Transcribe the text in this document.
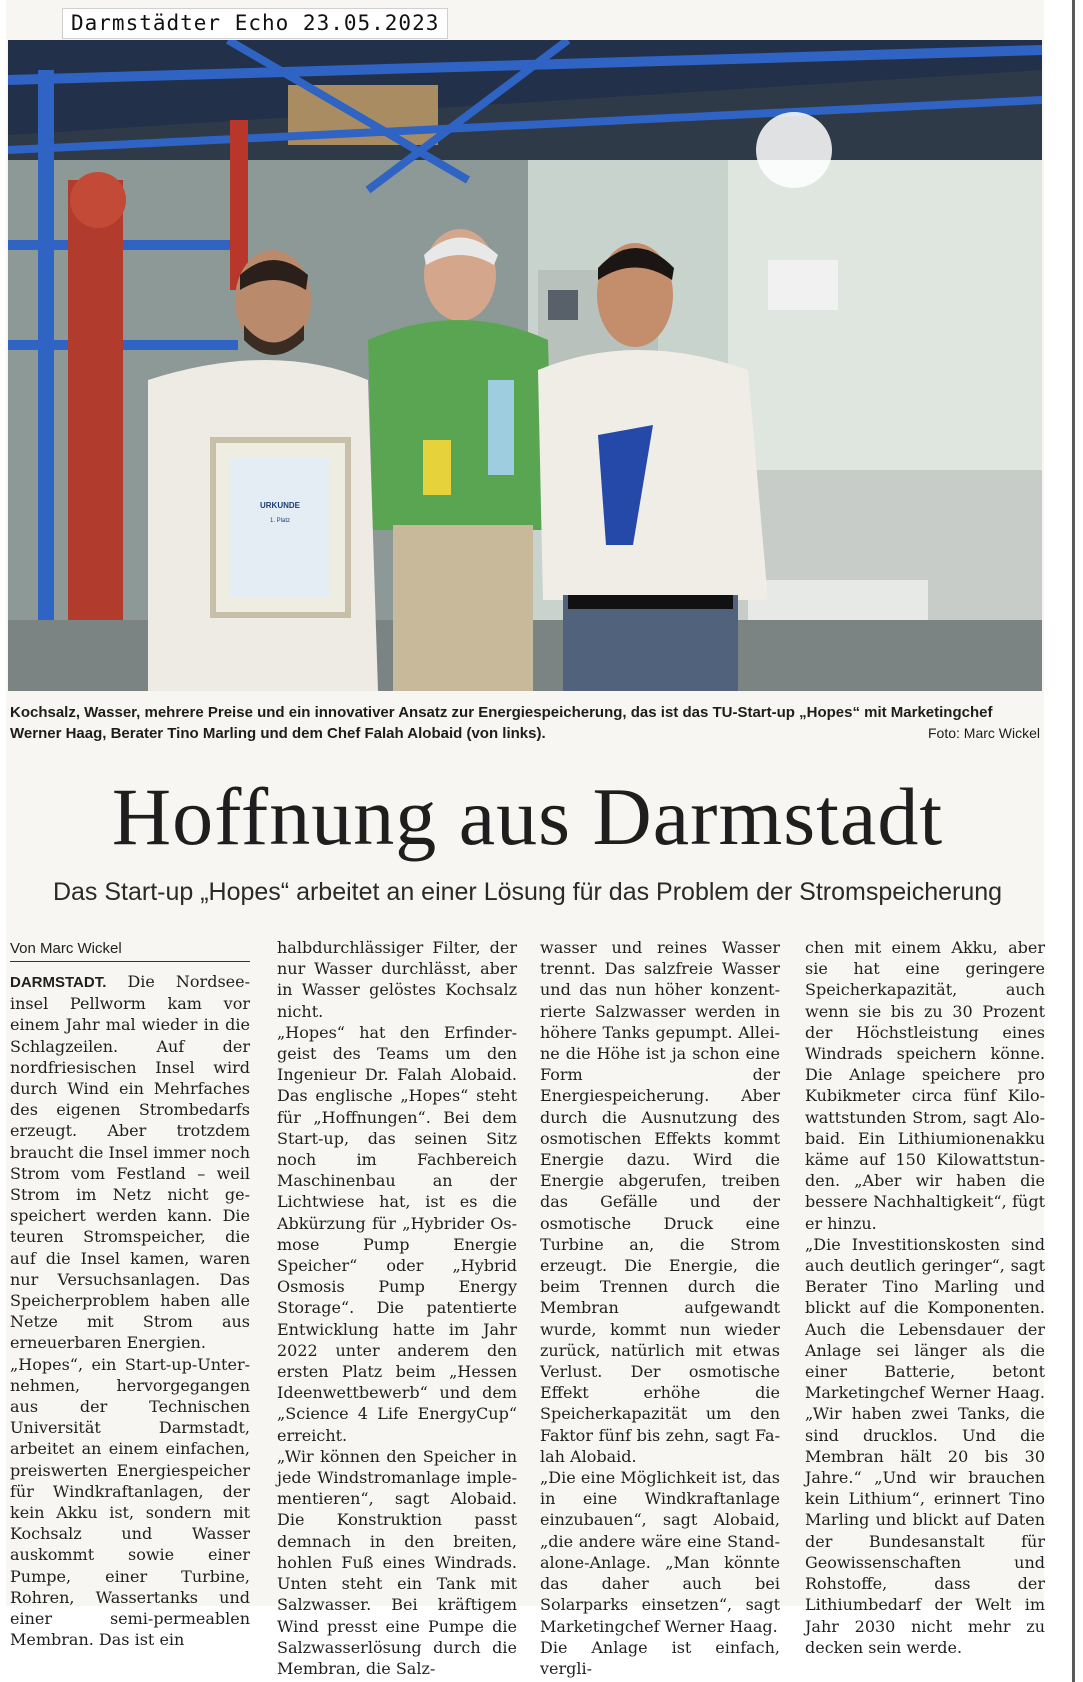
Darmstädter Echo 23.05.2023
URKUNDE
1. Platz
Kochsalz, Wasser, mehrere Preise und ein innovativer Ansatz zur Energiespeicherung, das ist das TU-Start-up „Hopes“ mit Marketingchef Werner Haag, Berater Tino Marling und dem Chef Falah Alobaid (von links).	Foto: Marc Wickel
Hoffnung aus Darmstadt
Das Start-up „Hopes“ arbeitet an einer Lösung für das Problem der Stromspeicherung
Von Marc Wickel

DARMSTADT. Die Nordseeinsel Pellworm kam vor einem Jahr mal wieder in die Schlagzeilen. Auf der nordfriesischen Insel wird durch Wind ein Mehrfaches des eigenen Strombedarfs erzeugt. Aber trotzdem braucht die Insel immer noch Strom vom Festland – weil Strom im Netz nicht gespeichert werden kann. Die teuren Stromspeicher, die auf die Insel kamen, waren nur Versuchsanlagen. Das Speicherproblem haben alle Netze mit Strom aus erneuerbaren Energien.

„Hopes“, ein Start-up-Unternehmen, hervorgegangen aus der Technischen Universität Darmstadt, arbeitet an einem einfachen, preiswerten Energiespeicher für Windkraftanlagen, der kein Akku ist, sondern mit Kochsalz und Wasser auskommt sowie einer Pumpe, einer Turbine, Rohren, Wassertanks und einer semi-permeablen Membran. Das ist ein

halbdurchlässiger Filter, der nur Wasser durchlässt, aber in Wasser gelöstes Kochsalz nicht.

„Hopes“ hat den Erfindergeist des Teams um den Ingenieur Dr. Falah Alobaid. Das englische „Hopes“ steht für „Hoffnungen“. Bei dem Start-up, das seinen Sitz noch im Fachbereich Maschinenbau an der Lichtwiese hat, ist es die Abkürzung für „Hybrider Osmose Pump Energie Speicher“ oder „Hybrid Osmosis Pump Energy Storage“. Die patentierte Entwicklung hatte im Jahr 2022 unter anderem den ersten Platz beim „Hessen Ideenwettbewerb“ und dem „Science 4 Life EnergyCup“ erreicht.

„Wir können den Speicher in jede Windstromanlage implementieren“, sagt Alobaid. Die Konstruktion passt demnach in den breiten, hohlen Fuß eines Windrads. Unten steht ein Tank mit Salzwasser. Bei kräftigem Wind presst eine Pumpe die Salzwasserlösung durch die Membran, die Salz-

wasser und reines Wasser trennt. Das salzfreie Wasser und das nun höher konzentrierte Salzwasser werden in höhere Tanks gepumpt. Alleine die Höhe ist ja schon eine Form der Energiespeicherung. Aber durch die Ausnutzung des osmotischen Effekts kommt Energie dazu. Wird die Energie abgerufen, treiben das Gefälle und der osmotische Druck eine Turbine an, die Strom erzeugt. Die Energie, die beim Trennen durch die Membran aufgewandt wurde, kommt nun wieder zurück, natürlich mit etwas Verlust. Der osmotische Effekt erhöhe die Speicherkapazität um den Faktor fünf bis zehn, sagt Falah Alobaid.

„Die eine Möglichkeit ist, das in eine Windkraftanlage einzubauen“, sagt Alobaid, „die andere wäre eine Stand-alone-Anlage. „Man könnte das daher auch bei Solarparks einsetzen“, sagt Marketingchef Werner Haag.

Die Anlage ist einfach, vergli-

chen mit einem Akku, aber sie hat eine geringere Speicherkapazität, auch wenn sie bis zu 30 Prozent der Höchstleistung eines Windrads speichern könne. Die Anlage speichere pro Kubikmeter circa fünf Kilowattstunden Strom, sagt Alobaid. Ein Lithiumionenakku käme auf 150 Kilowattstunden. „Aber wir haben die bessere Nachhaltigkeit“, fügt er hinzu.

„Die Investitionskosten sind auch deutlich geringer“, sagt Berater Tino Marling und blickt auf die Komponenten. Auch die Lebensdauer der Anlage sei länger als die einer Batterie, betont Marketingchef Werner Haag. „Wir haben zwei Tanks, die sind drucklos. Und die Membran hält 20 bis 30 Jahre.“ „Und wir brauchen kein Lithium“, erinnert Tino Marling und blickt auf Daten der Bundesanstalt für Geowissenschaften und Rohstoffe, dass der Lithiumbedarf der Welt im Jahr 2030 nicht mehr zu decken sein werde.
